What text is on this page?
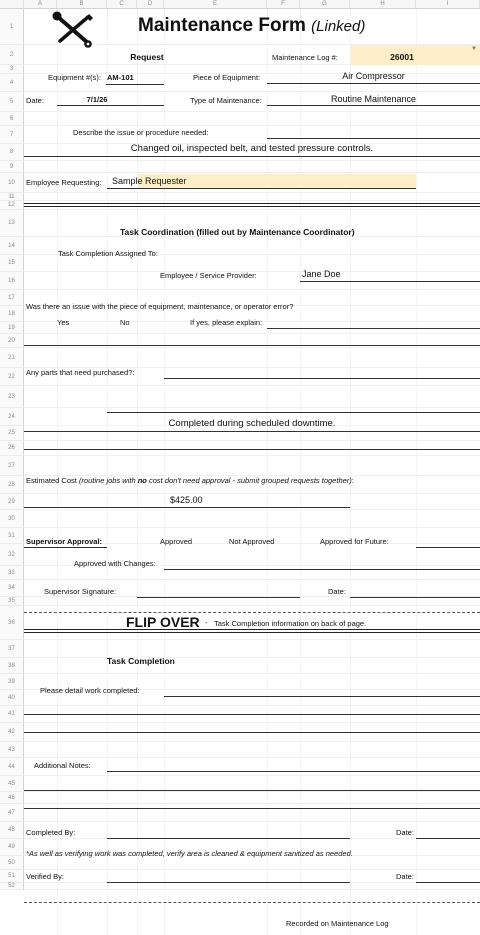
A	B	C	D	E	F	G	H	I
1
2
3
4
5
6
7
8
9
10
11
12
13
14
15
16
17
18
19
20
21
22
23
24
25
26
27
28
29
30
31
32
33
34
35
36
37
38
39
40
41
42
43
44
45
46
47
48
49
50
51
52
Maintenance Form (Linked)
Request	Maintenance Log #:	26001
▼
Equipment #(s): AM-101	Piece of Equipment:	Air Compressor
Date:	7/1/26	Type of Maintenance:	Routine Maintenance
Describe the issue or procedure needed:
Changed oil, inspected belt, and tested pressure controls.
Employee Requesting: Sample Requester
Task Coordination (filled out by Maintenance Coordinator)
Task Completion Assigned To:
Employee / Service Provider:	Jane Doe
Was there an issue with the piece of equipment, maintenance, or operator error?
Yes	No	If yes, please explain:
Any parts that need purchased?:
Completed during scheduled downtime.
Estimated Cost (routine jobs with no cost don't need approval - submit grouped requests together):
$425.00
Supervisor Approval:	Approved	Not Approved	Approved for Future:
Approved with Changes:
Supervisor Signature:	Date:
FLIP OVER - Task Completion information on back of page.
Task Completion
Please detail work completed:
Additional Notes:
Completed By:	Date:
*As well as verifying work was completed, verify area is cleaned & equipment sanitized as needed.
Verified By:	Date:
Recorded on Maintenance Log
